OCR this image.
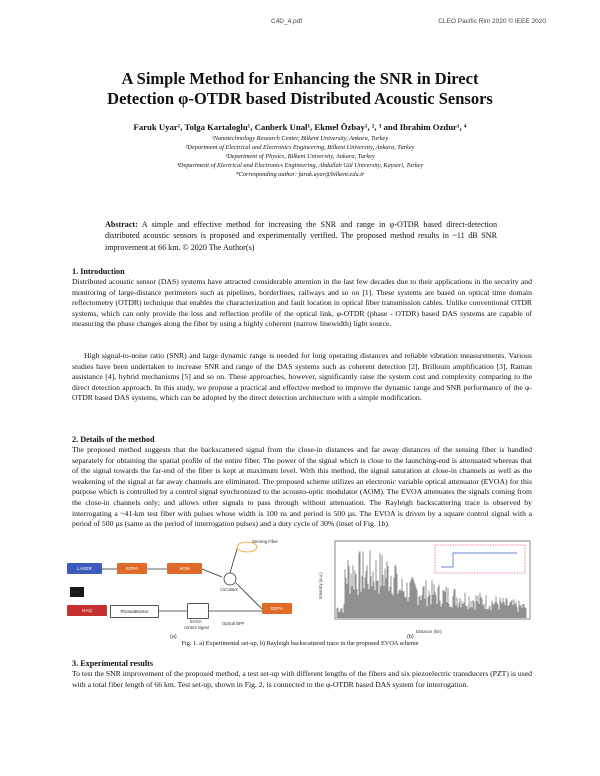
C4D_4.pdf	CLEO Pacific Rim 2020 © IEEE 2020
A Simple Method for Enhancing the SNR in Direct
Detection φ-OTDR based Distributed Acoustic Sensors
Faruk Uyar¹, Tolga Kartaloglu¹, Canberk Unal¹, Ekmel Özbay¹, ², ³ and Ibrahim Ozdur¹, ⁴
¹Nanotechnology Research Center, Bilkent University, Ankara, Turkey
²Department of Electrical and Electronics Engineering, Bilkent University, Ankara, Turkey
³Department of Physics, Bilkent University, Ankara, Turkey
⁴Department of Electrical and Electronics Engineering, Abdullah Gül University, Kayseri, Turkey
*Corresponding author: faruk.uyar@bilkent.edu.tr
Abstract: A simple and effective method for increasing the SNR and range in φ-OTDR based direct-detection distributed acoustic sensors is proposed and experimentally verified. The proposed method results in ~11 dB SNR improvement at 66 km. © 2020 The Author(s)
1. Introduction
Distributed acoustic sensor (DAS) systems have attracted considerable attention in the last few decades due to their applications in the security and monitoring of large-distance perimeters such as pipelines, borderlines, railways and so on [1]. These systems are based on optical time domain reflectometry (OTDR) technique that enables the characterization and fault location in optical fiber transmission cables. Unlike conventional OTDR systems, which can only provide the loss and reflection profile of the optical link, φ-OTDR (phase - OTDR) based DAS systems are capable of measuring the phase changes along the fiber by using a highly coherent (narrow linewidth) light source.
High signal-to-noise ratio (SNR) and large dynamic range is needed for long operating distances and reliable vibration measurements. Various studies have been undertaken to increase SNR and range of the DAS systems such as coherent detection [2], Brillouin amplification [3], Raman assistance [4], hybrid mechanisms [5] and so on. These approaches, however, significantly raise the system cost and complexity comparing to the direct detection approach. In this study, we propose a practical and effective method to improve the dynamic range and SNR performance of the φ-OTDR based DAS systems, which can be adopted by the direct detection architecture with a simple modification.
2. Details of the method
The proposed method suggests that the backscattered signal from the close-in distances and far away distances of the sensing fiber is handled separately for obtaining the spatial profile of the entire fiber. The power of the signal which is close to the launching-end is attenuated whereas that of the signal towards the far-end of the fiber is kept at maximum level. With this method, the signal saturation at close-in channels as well as the weakening of the signal at far away channels are eliminated. The proposed scheme utilizes an electronic variable optical attenuator (EVOA) for this purpose which is controlled by a control signal synchronized to the acousto-optic modulator (AOM). The EVOA attenuates the signals coming from the close-in channels only; and allows other signals to pass through without attenuation. The Rayleigh backscattering trace is observed by interrogating a ~41-km test fiber with pulses whose width is 100 ns and period is 500 µs. The EVOA is driven by a square control signal with a period of 500 µs (same as the period of interrogation pulses) and a duty cycle of 30% (inset of Fig. 1b).
LASER	EDFA	AOM
Sensing Fiber
Circulator
DAQ	Photodetector
EVOA
control signal
Optical BPF
EDFA
Intensity (a.u.)
Distance (km)
(a)	(b)
Fig. 1. a) Experimental set-up, b) Rayleigh backscattered trace in the proposed EVOA scheme
3. Experimental results
To test the SNR improvement of the proposed method, a test set-up with different lengths of the fibers and six piezoelectric transducers (PZT) is used with a total fiber length of 66 km. Test set-up, shown in Fig. 2, is connected to the φ-OTDR based DAS system for interrogation.
